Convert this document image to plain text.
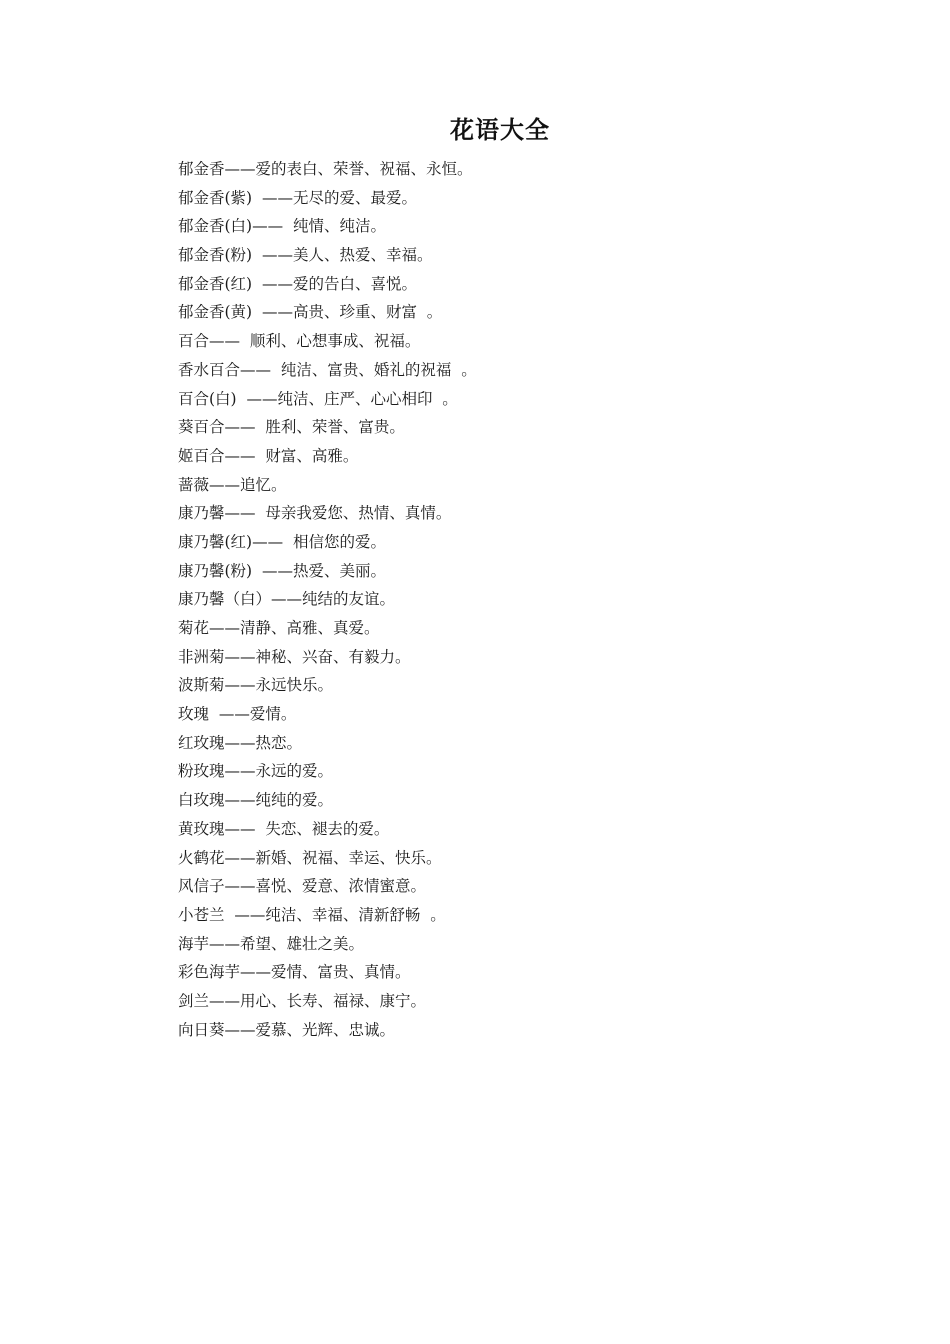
花语大全
郁金香——爱的表白、荣誉、祝福、永恒。
郁金香(紫)  ——无尽的爱、最爱。
郁金香(白)——  纯情、纯洁。
郁金香(粉)  ——美人、热爱、幸福。
郁金香(红)  ——爱的告白、喜悦。
郁金香(黄)  ——高贵、珍重、财富  。
百合——  顺利、心想事成、祝福。
香水百合——  纯洁、富贵、婚礼的祝福  。
百合(白)  ——纯洁、庄严、心心相印  。
葵百合——  胜利、荣誉、富贵。
姬百合——  财富、高雅。
蔷薇——追忆。
康乃馨——  母亲我爱您、热情、真情。
康乃馨(红)——  相信您的爱。
康乃馨(粉)  ——热爱、美丽。
康乃馨（白）——纯结的友谊。
菊花——清静、高雅、真爱。
非洲菊——神秘、兴奋、有毅力。
波斯菊——永远快乐。
玫瑰  ——爱情。
红玫瑰——热恋。
粉玫瑰——永远的爱。
白玫瑰——纯纯的爱。
黄玫瑰——  失恋、褪去的爱。
火鹤花——新婚、祝福、幸运、快乐。
风信子——喜悦、爱意、浓情蜜意。
小苍兰  ——纯洁、幸福、清新舒畅  。
海芋——希望、雄壮之美。
彩色海芋——爱情、富贵、真情。
剑兰——用心、长寿、福禄、康宁。
向日葵——爱慕、光辉、忠诚。
